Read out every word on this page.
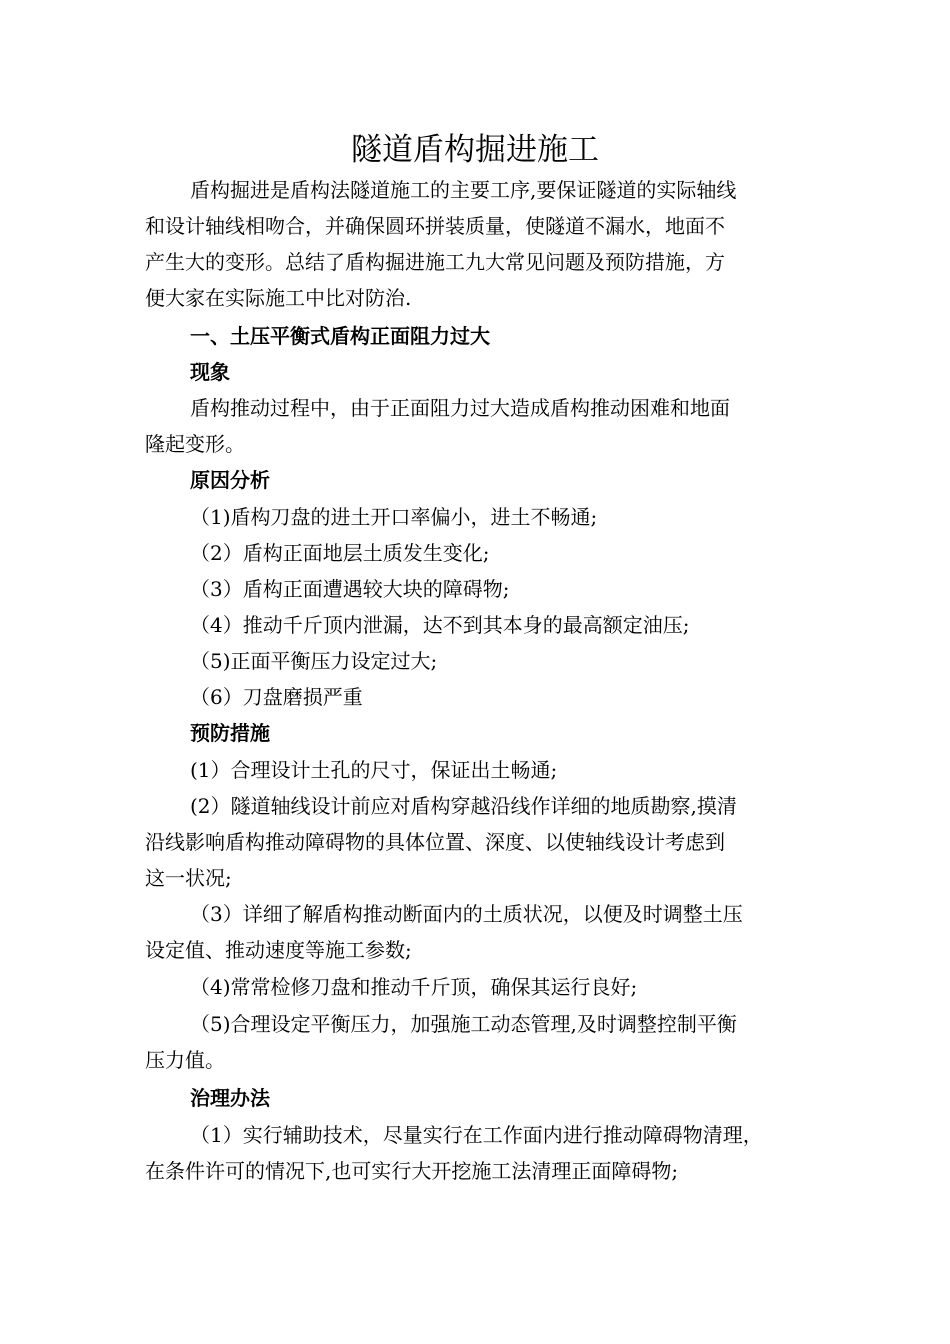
隧道盾构掘进施工
盾构掘进是盾构法隧道施工的主要工序,要保证隧道的实际轴线
和设计轴线相吻合，并确保圆环拼装质量，使隧道不漏水，地面不
产生大的变形。总结了盾构掘进施工九大常见问题及预防措施，方
便大家在实际施工中比对防治.
一、土压平衡式盾构正面阻力过大
现象
盾构推动过程中，由于正面阻力过大造成盾构推动困难和地面
隆起变形。
原因分析
（1)盾构刀盘的进土开口率偏小，进土不畅通;
（2）盾构正面地层土质发生变化;
（3）盾构正面遭遇较大块的障碍物;
（4）推动千斤顶内泄漏，达不到其本身的最高额定油压;
（5)正面平衡压力设定过大;
（6）刀盘磨损严重
预防措施
(1）合理设计土孔的尺寸，保证出土畅通;
(2）隧道轴线设计前应对盾构穿越沿线作详细的地质勘察,摸清
沿线影响盾构推动障碍物的具体位置、深度、以使轴线设计考虑到
这一状况;
（3）详细了解盾构推动断面内的土质状况，以便及时调整土压
设定值、推动速度等施工参数;
（4)常常检修刀盘和推动千斤顶，确保其运行良好;
（5)合理设定平衡压力，加强施工动态管理,及时调整控制平衡
压力值。
治理办法
（1）实行辅助技术，尽量实行在工作面内进行推动障碍物清理，
在条件许可的情况下,也可实行大开挖施工法清理正面障碍物;
